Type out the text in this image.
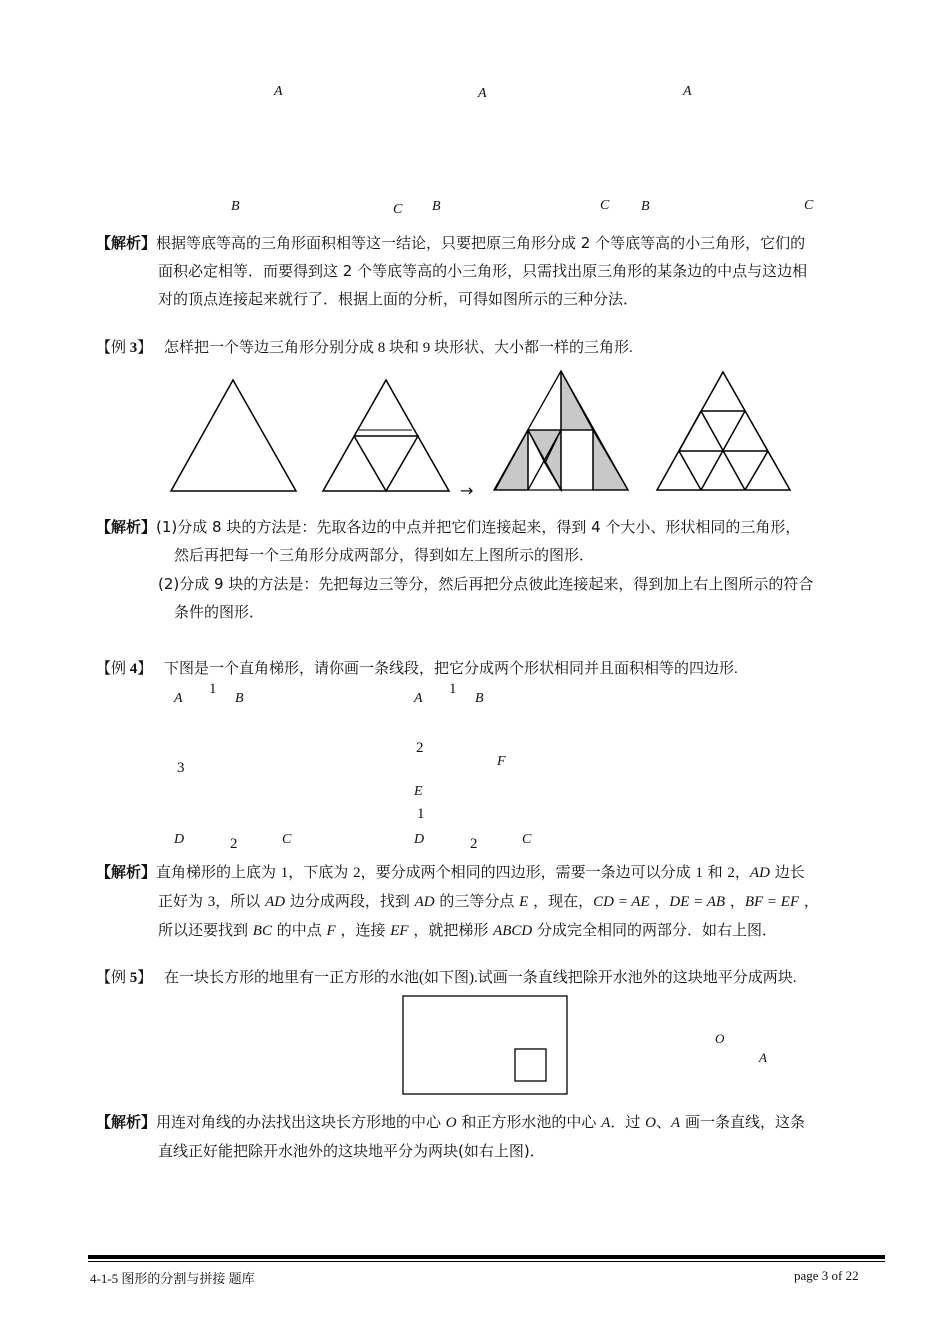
A	A	A
B	C B	C B	C
【解析】根据等底等高的三角形面积相等这一结论，只要把原三角形分成 2 个等底等高的小三角形，它们的
面积必定相等．而要得到这 2 个等底等高的小三角形，只需找出原三角形的某条边的中点与这边相
对的顶点连接起来就行了．根据上面的分析，可得如图所示的三种分法．
【例 3】 怎样把一个等边三角形分别分成 8 块和 9 块形状、大小都一样的三角形.
→
【解析】(1)分成 8 块的方法是：先取各边的中点并把它们连接起来，得到 4 个大小、形状相同的三角形，
然后再把每一个三角形分成两部分，得到如左上图所示的图形．
(2)分成 9 块的方法是：先把每边三等分，然后再把分点彼此连接起来，得到加上右上图所示的符合
条件的图形．
【例 4】 下图是一个直角梯形，请你画一条线段，把它分成两个形状相同并且面积相等的四边形.
A
1
B
3
D	2	C
A
1
B
2
F
E
1
D	2	C
【解析】直角梯形的上底为 1，下底为 2，要分成两个相同的四边形，需要一条边可以分成 1 和 2，AD 边长
正好为 3，所以 AD 边分成两段，找到 AD 的三等分点 E ，现在，CD = AE ，DE = AB ，BF = EF ，
所以还要找到 BC 的中点 F ，连接 EF ，就把梯形 ABCD 分成完全相同的两部分．如右上图．
【例 5】 在一块长方形的地里有一正方形的水池(如下图).试画一条直线把除开水池外的这块地平分成两块.
O
A
【解析】用连对角线的办法找出这块长方形地的中心 O 和正方形水池的中心 A．过 O、A 画一条直线，这条
直线正好能把除开水池外的这块地平分为两块(如右上图)．
4-1-5 图形的分割与拼接 题库	page 3 of 22
